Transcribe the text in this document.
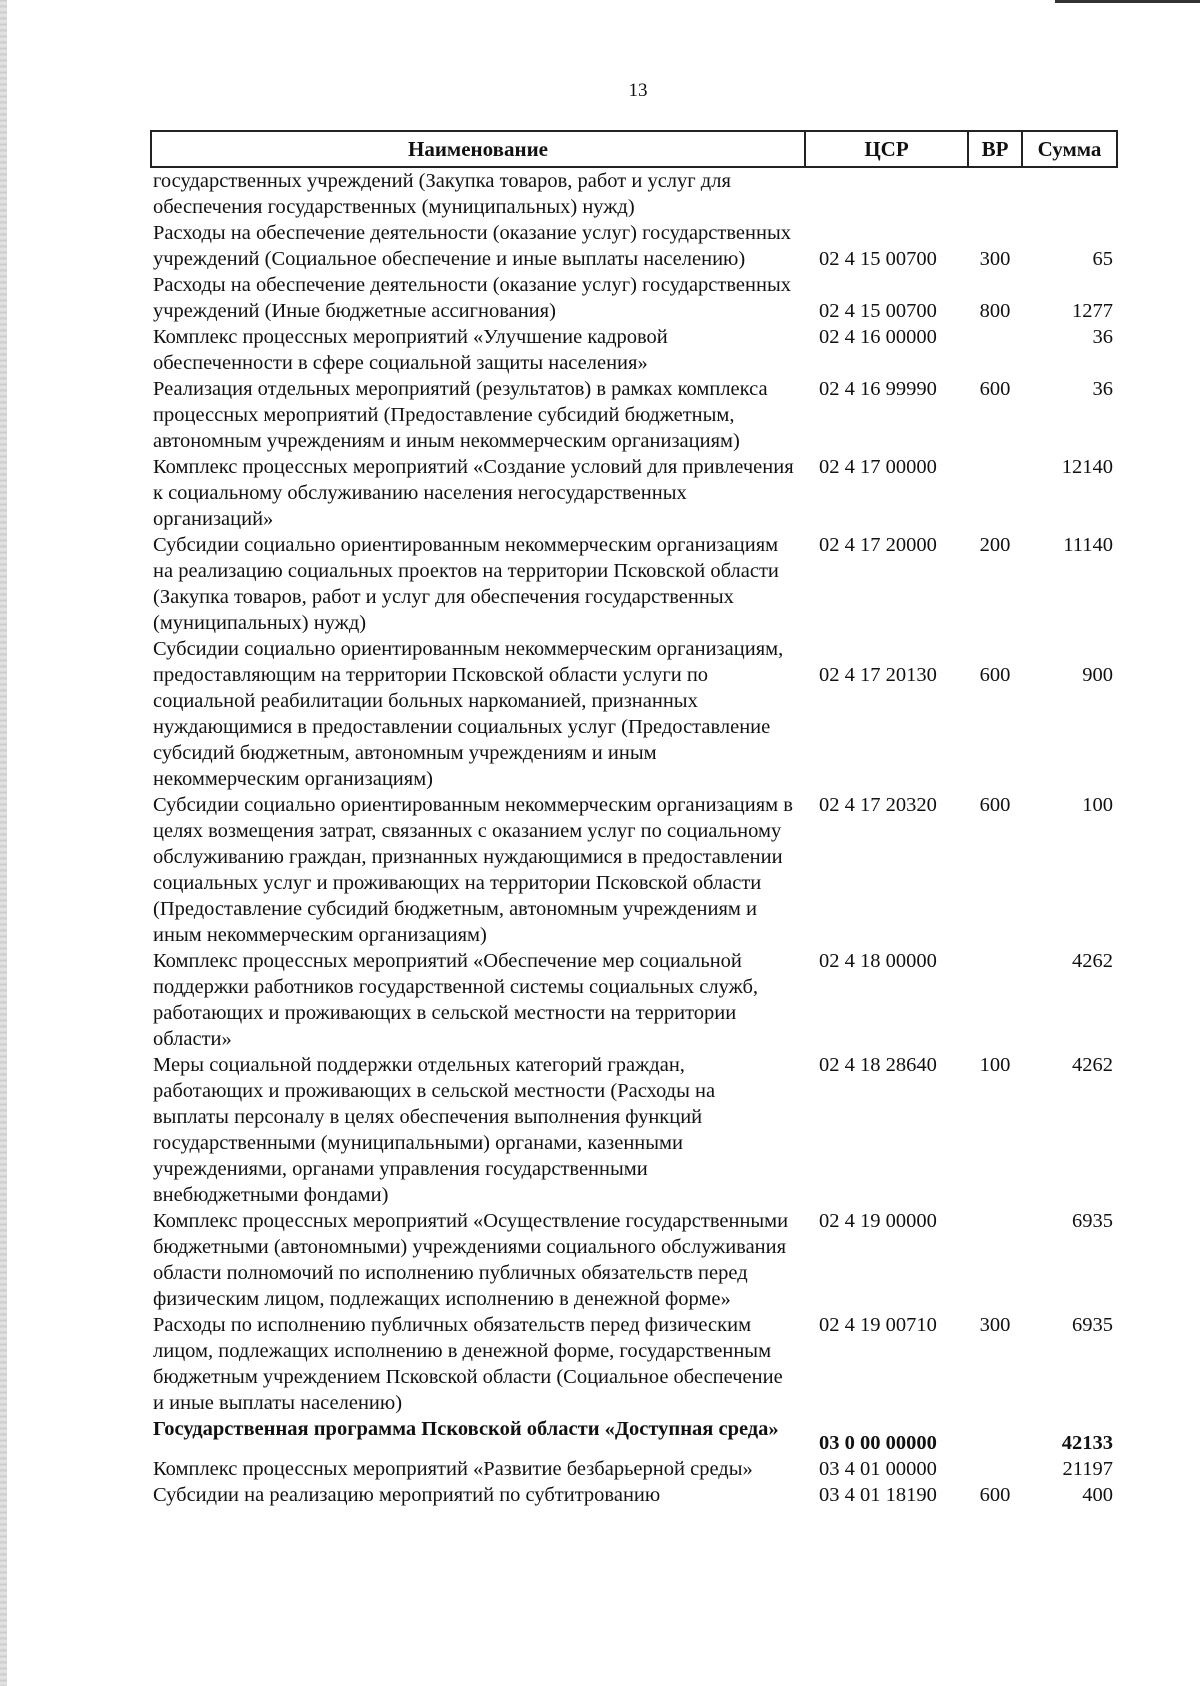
13
Наименование	ЦСР	ВР	Сумма
государственных учреждений (Закупка товаров, работ и услуг для обеспечения государственных (муниципальных) нужд)			
Расходы на обеспечение деятельности (оказание услуг) государственных учреждений (Социальное обеспечение и иные выплаты населению)	02 4 15 00700	300	65
Расходы на обеспечение деятельности (оказание услуг) государственных учреждений (Иные бюджетные ассигнования)	02 4 15 00700	800	1277
Комплекс процессных мероприятий «Улучшение кадровой обеспеченности в сфере социальной защиты населения»	02 4 16 00000		36
Реализация отдельных мероприятий (результатов) в рамках комплекса процессных мероприятий (Предоставление субсидий бюджетным, автономным учреждениям и иным некоммерческим организациям)	02 4 16 99990	600	36
Комплекс процессных мероприятий «Создание условий для привлечения к социальному обслуживанию населения негосударственных организаций»	02 4 17 00000		12140
Субсидии социально ориентированным некоммерческим организациям на реализацию социальных проектов на территории Псковской области (Закупка товаров, работ и услуг для обеспечения государственных (муниципальных) нужд)	02 4 17 20000	200	11140
Субсидии социально ориентированным некоммерческим организациям, предоставляющим на территории Псковской области услуги по социальной реабилитации больных наркоманией, признанных нуждающимися в предоставлении социальных услуг (Предоставление субсидий бюджетным, автономным учреждениям и иным некоммерческим организациям)	02 4 17 20130	600	900
Субсидии социально ориентированным некоммерческим организациям в целях возмещения затрат, связанных с оказанием услуг по социальному обслуживанию граждан, признанных нуждающимися в предоставлении социальных услуг и проживающих на территории Псковской области (Предоставление субсидий бюджетным, автономным учреждениям и иным некоммерческим организациям)	02 4 17 20320	600	100
Комплекс процессных мероприятий «Обеспечение мер социальной поддержки работников государственной системы социальных служб, работающих и проживающих в сельской местности на территории области»	02 4 18 00000		4262
Меры социальной поддержки отдельных категорий граждан, работающих и проживающих в сельской местности (Расходы на выплаты персоналу в целях обеспечения выполнения функций государственными (муниципальными) органами, казенными учреждениями, органами управления государственными внебюджетными фондами)	02 4 18 28640	100	4262
Комплекс процессных мероприятий «Осуществление государственными бюджетными (автономными) учреждениями социального обслуживания области полномочий по исполнению публичных обязательств перед физическим лицом, подлежащих исполнению в денежной форме»	02 4 19 00000		6935
Расходы по исполнению публичных обязательств перед физическим лицом, подлежащих исполнению в денежной форме, государственным бюджетным учреждением Псковской области (Социальное обеспечение и иные выплаты населению)	02 4 19 00710	300	6935
Государственная программа Псковской области «Доступная среда»	03 0 00 00000		42133
Комплекс процессных мероприятий «Развитие безбарьерной среды»	03 4 01 00000		21197
Субсидии на реализацию мероприятий по субтитрованию	03 4 01 18190	600	400
